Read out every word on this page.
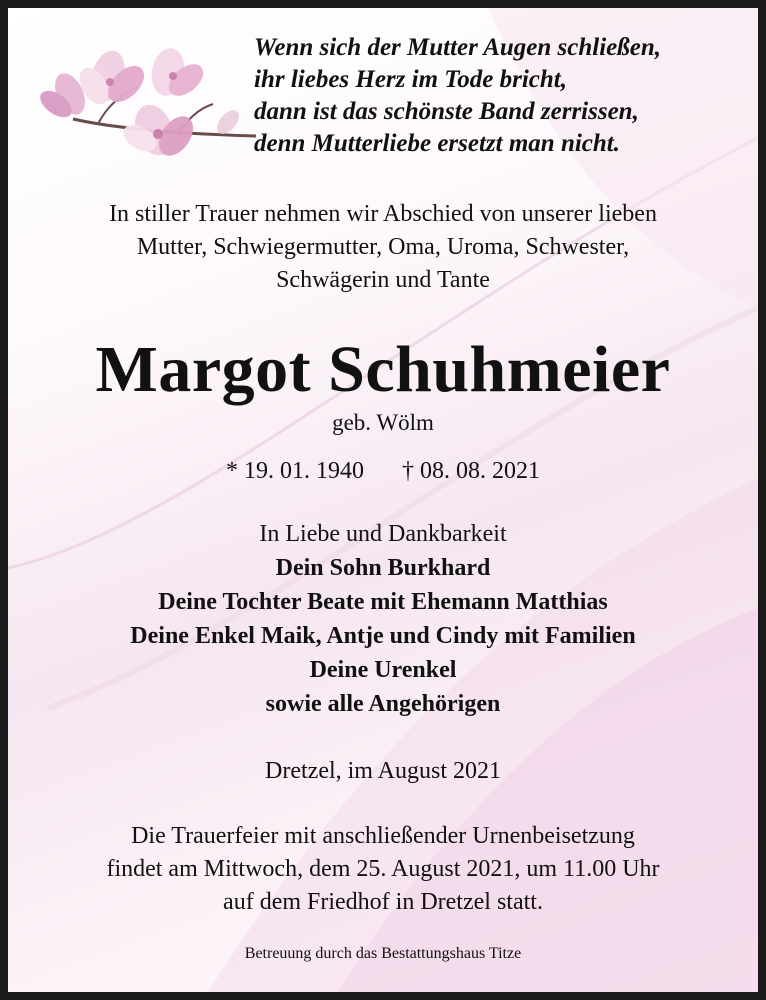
Wenn sich der Mutter Augen schließen,
ihr liebes Herz im Tode bricht,
dann ist das schönste Band zerrissen,
denn Mutterliebe ersetzt man nicht.
In stiller Trauer nehmen wir Abschied von unserer lieben
Mutter, Schwiegermutter, Oma, Uroma, Schwester,
Schwägerin und Tante
Margot Schuhmeier
geb. Wölm
* 19. 01. 1940 † 08. 08. 2021
In Liebe und Dankbarkeit
Dein Sohn Burkhard
Deine Tochter Beate mit Ehemann Matthias
Deine Enkel Maik, Antje und Cindy mit Familien
Deine Urenkel
sowie alle Angehörigen
Dretzel, im August 2021
Die Trauerfeier mit anschließender Urnenbeisetzung
findet am Mittwoch, dem 25. August 2021, um 11.00 Uhr
auf dem Friedhof in Dretzel statt.
Betreuung durch das Bestattungshaus Titze
